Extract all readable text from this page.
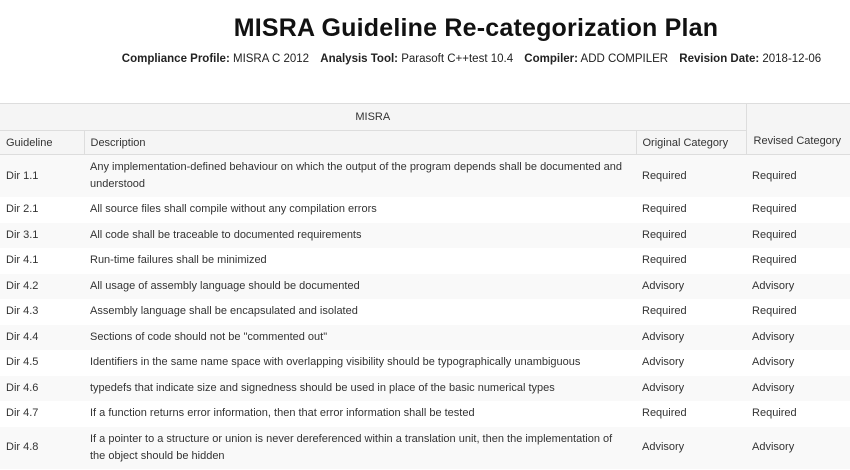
MISRA Guideline Re-categorization Plan
Compliance Profile: MISRA C 2012 Analysis Tool: Parasoft C++test 10.4 Compiler: ADD COMPILER Revision Date: 2018-12-06
MISRA			Revised Category
Guideline	Description	Original Category	
Dir 1.1	Any implementation-defined behaviour on which the output of the program depends shall be documented and understood	Required	Required
Dir 2.1	All source files shall compile without any compilation errors	Required	Required
Dir 3.1	All code shall be traceable to documented requirements	Required	Required
Dir 4.1	Run-time failures shall be minimized	Required	Required
Dir 4.2	All usage of assembly language should be documented	Advisory	Advisory
Dir 4.3	Assembly language shall be encapsulated and isolated	Required	Required
Dir 4.4	Sections of code should not be "commented out"	Advisory	Advisory
Dir 4.5	Identifiers in the same name space with overlapping visibility should be typographically unambiguous	Advisory	Advisory
Dir 4.6	typedefs that indicate size and signedness should be used in place of the basic numerical types	Advisory	Advisory
Dir 4.7	If a function returns error information, then that error information shall be tested	Required	Required
Dir 4.8	If a pointer to a structure or union is never dereferenced within a translation unit, then the implementation of the object should be hidden	Advisory	Advisory
